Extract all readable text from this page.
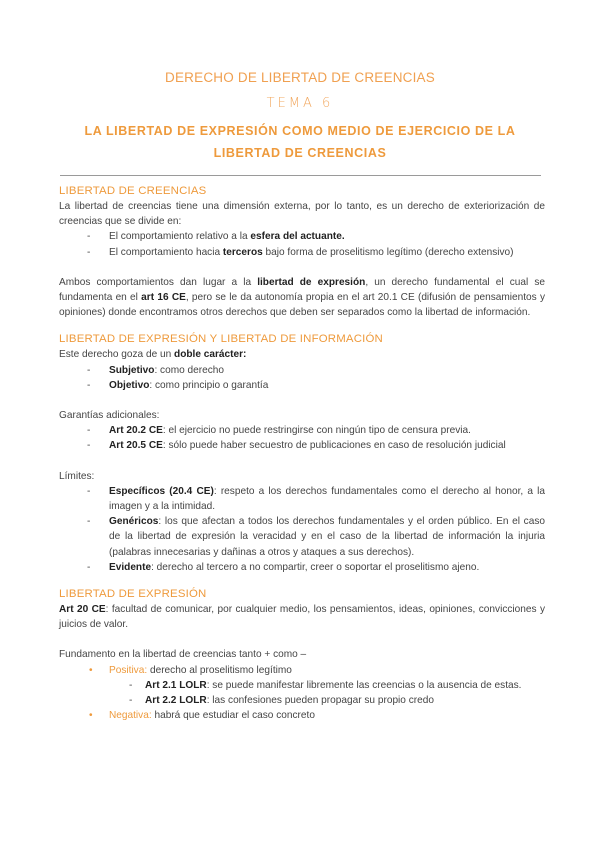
DERECHO DE LIBERTAD DE CREENCIAS
TEMA 6
LA LIBERTAD DE EXPRESIÓN COMO MEDIO DE EJERCICIO DE LA LIBERTAD DE CREENCIAS
LIBERTAD DE CREENCIAS

La libertad de creencias tiene una dimensión externa, por lo tanto, es un derecho de exteriorización de creencias que se divide en:

- El comportamiento relativo a la esfera del actuante.
- El comportamiento hacia terceros bajo forma de proselitismo legítimo (derecho extensivo)

Ambos comportamientos dan lugar a la libertad de expresión, un derecho fundamental el cual se fundamenta en el art 16 CE, pero se le da autonomía propia en el art 20.1 CE (difusión de pensamientos y opiniones) donde encontramos otros derechos que deben ser separados como la libertad de información.

LIBERTAD DE EXPRESIÓN Y LIBERTAD DE INFORMACIÓN

Este derecho goza de un doble carácter:

- Subjetivo: como derecho
- Objetivo: como principio o garantía

Garantías adicionales:

- Art 20.2 CE: el ejercicio no puede restringirse con ningún tipo de censura previa.
- Art 20.5 CE: sólo puede haber secuestro de publicaciones en caso de resolución judicial

Límites:

- Específicos (20.4 CE): respeto a los derechos fundamentales como el derecho al honor, a la imagen y a la intimidad.
- Genéricos: los que afectan a todos los derechos fundamentales y el orden público. En el caso de la libertad de expresión la veracidad y en el caso de la libertad de información la injuria (palabras innecesarias y dañinas a otros y ataques a sus derechos).
- Evidente: derecho al tercero a no compartir, creer o soportar el proselitismo ajeno.
LIBERTAD DE EXPRESIÓN

Art 20 CE: facultad de comunicar, por cualquier medio, los pensamientos, ideas, opiniones, convicciones y juicios de valor.

Fundamento en la libertad de creencias tanto + como –

• Positiva: derecho al proselitismo legítimo
- Art 2.1 LOLR: se puede manifestar libremente las creencias o la ausencia de estas.
- Art 2.2 LOLR: las confesiones pueden propagar su propio credo
• Negativa: habrá que estudiar el caso concreto
